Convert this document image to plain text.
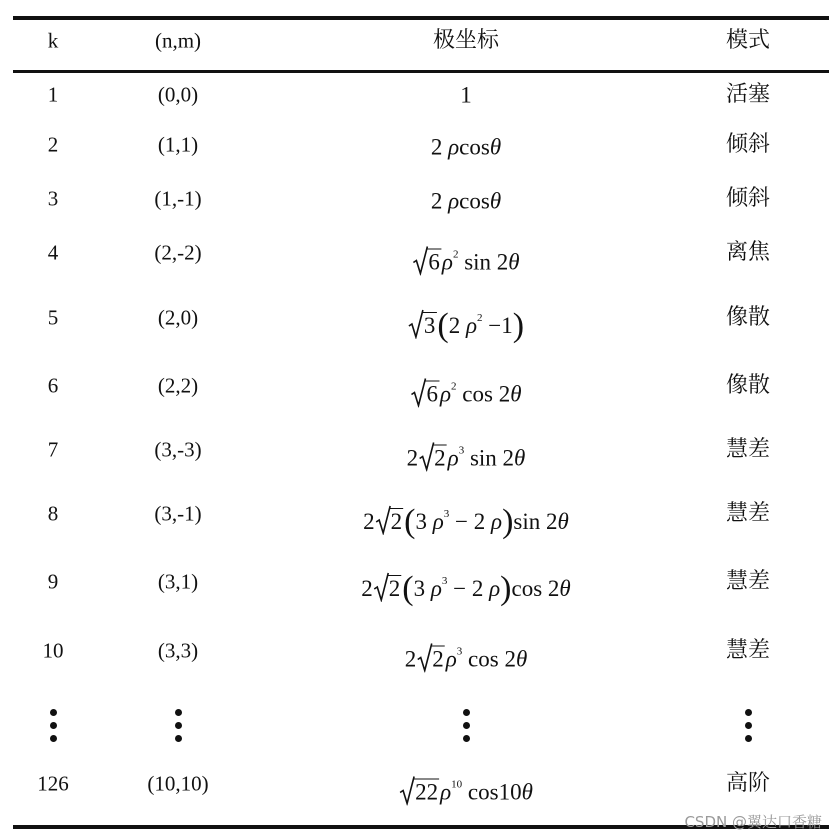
k	(n,m)	极坐标	模式
1	(0,0)	1	活塞
2	(1,1)	2 ρcosθ	倾斜
3	(1,-1)	2 ρcosθ	倾斜
4	(2,-2)	$6\rho^2$ sin 2θ	离焦
5	(2,0)	3(2 $\rho^2 -1$)	像散
6	(2,2)	$6\rho^2$ cos 2θ	像散
7	(3,-3)	2 $2\rho^3$ sin 2θ	慧差
8	(3,-1)	2 2(3 $\rho^3 - 2$ ρ)sin 2θ	慧差
9	(3,1)	2 2(3 $\rho^3 - 2$ ρ)cos 2θ	慧差
10	(3,3)	2 $2\rho^3$ cos 2θ	慧差
126	(10,10)	$22\rho^{10}$ cos10θ	高阶
CSDN @翼达口香糖
